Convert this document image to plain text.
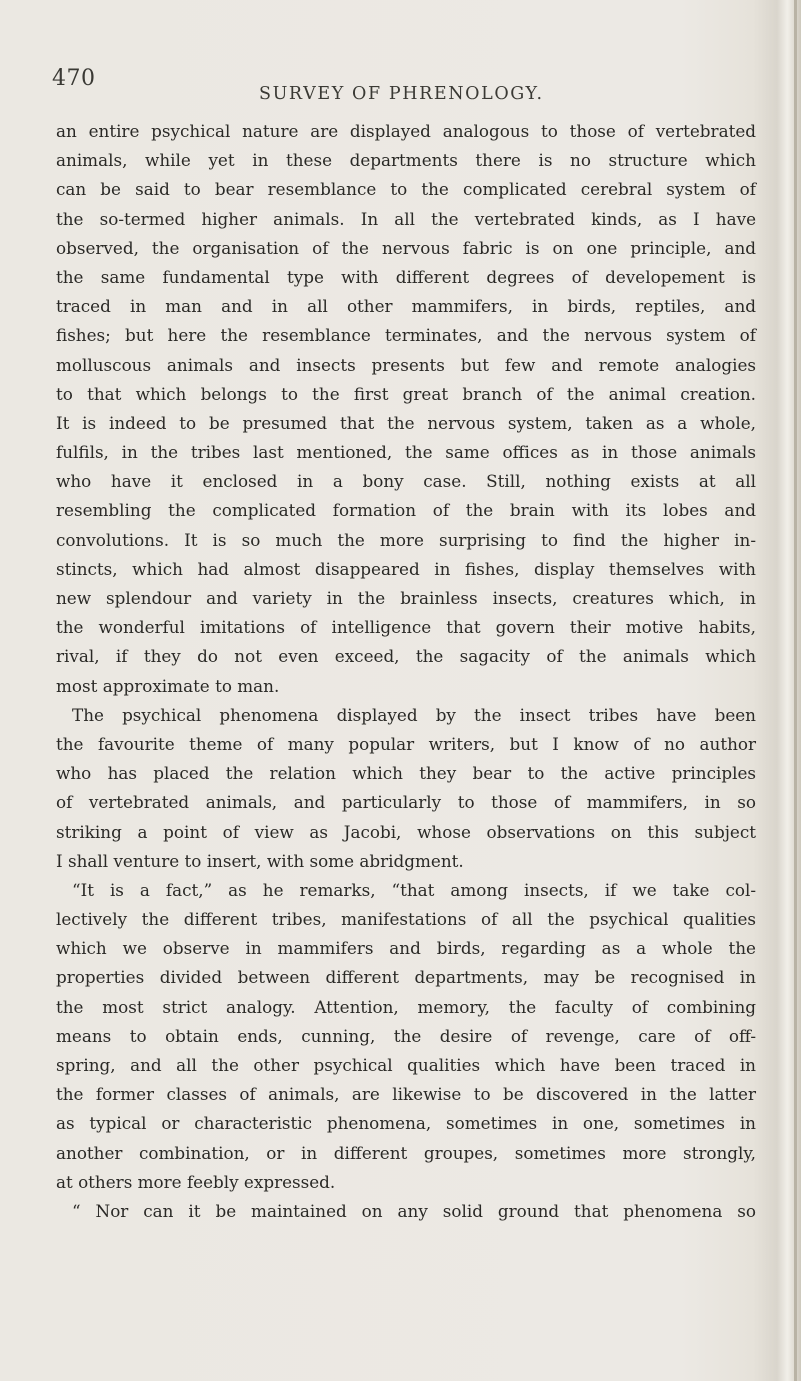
470
SURVEY OF PHRENOLOGY.
an entire psychical nature are displayed analogous to those of vertebrated
animals, while yet in these departments there is no structure which
can be said to bear resemblance to the complicated cerebral system of
the so-termed higher animals. In all the vertebrated kinds, as I have
observed, the organisation of the nervous fabric is on one principle, and
the same fundamental type with different degrees of developement is
traced in man and in all other mammifers, in birds, reptiles, and
fishes; but here the resemblance terminates, and the nervous system of
molluscous animals and insects presents but few and remote analogies
to that which belongs to the first great branch of the animal creation.
It is indeed to be presumed that the nervous system, taken as a whole,
fulfils, in the tribes last mentioned, the same offices as in those animals
who have it enclosed in a bony case. Still, nothing exists at all
resembling the complicated formation of the brain with its lobes and
convolutions. It is so much the more surprising to find the higher in-
stincts, which had almost disappeared in fishes, display themselves with
new splendour and variety in the brainless insects, creatures which, in
the wonderful imitations of intelligence that govern their motive habits,
rival, if they do not even exceed, the sagacity of the animals which
most approximate to man.
The psychical phenomena displayed by the insect tribes have been
the favourite theme of many popular writers, but I know of no author
who has placed the relation which they bear to the active principles
of vertebrated animals, and particularly to those of mammifers, in so
striking a point of view as Jacobi, whose observations on this subject
I shall venture to insert, with some abridgment.
“It is a fact,” as he remarks, “that among insects, if we take col-
lectively the different tribes, manifestations of all the psychical qualities
which we observe in mammifers and birds, regarding as a whole the
properties divided between different departments, may be recognised in
the most strict analogy. Attention, memory, the faculty of combining
means to obtain ends, cunning, the desire of revenge, care of off-
spring, and all the other psychical qualities which have been traced in
the former classes of animals, are likewise to be discovered in the latter
as typical or characteristic phenomena, sometimes in one, sometimes in
another combination, or in different groupes, sometimes more strongly,
at others more feebly expressed.
“ Nor can it be maintained on any solid ground that phenomena so
